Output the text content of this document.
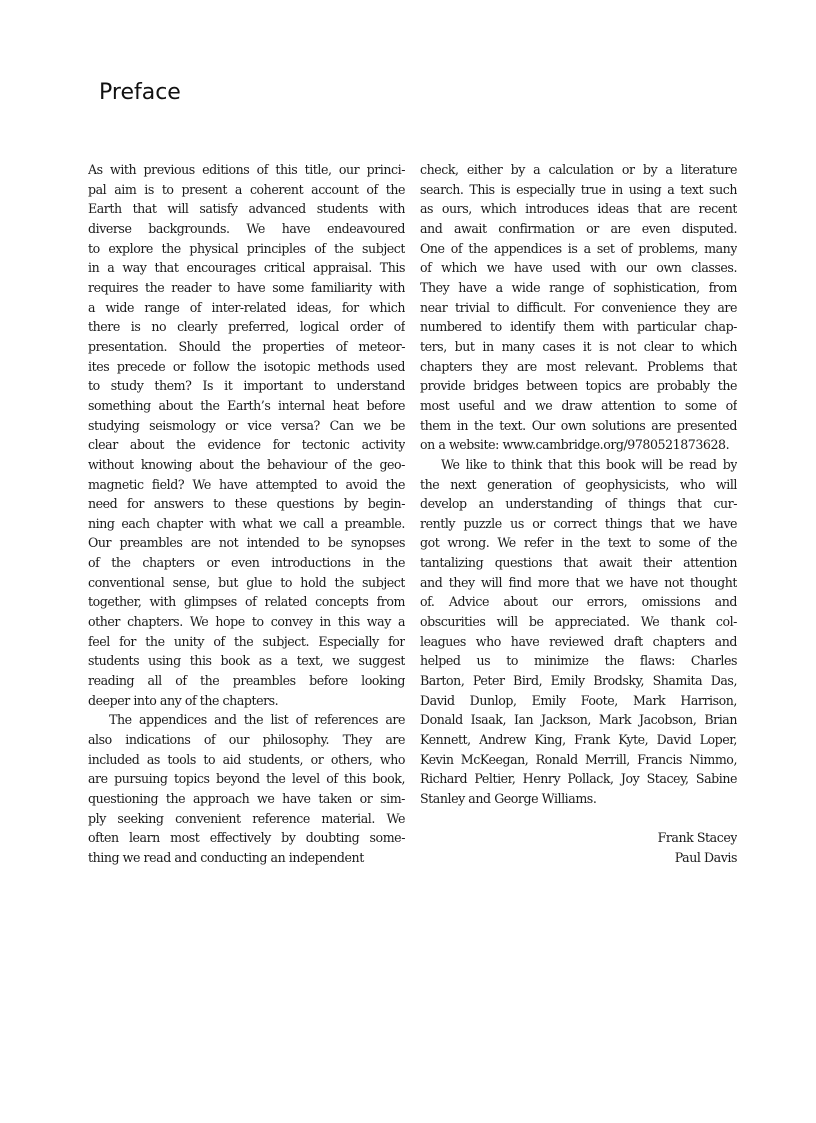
Preface
As with previous editions of this title, our princi-
pal aim is to present a coherent account of the
Earth that will satisfy advanced students with
diverse backgrounds. We have endeavoured
to explore the physical principles of the subject
in a way that encourages critical appraisal. This
requires the reader to have some familiarity with
a wide range of inter-related ideas, for which
there is no clearly preferred, logical order of
presentation. Should the properties of meteor-
ites precede or follow the isotopic methods used
to study them? Is it important to understand
something about the Earth’s internal heat before
studying seismology or vice versa? Can we be
clear about the evidence for tectonic activity
without knowing about the behaviour of the geo-
magnetic field? We have attempted to avoid the
need for answers to these questions by begin-
ning each chapter with what we call a preamble.
Our preambles are not intended to be synopses
of the chapters or even introductions in the
conventional sense, but glue to hold the subject
together, with glimpses of related concepts from
other chapters. We hope to convey in this way a
feel for the unity of the subject. Especially for
students using this book as a text, we suggest
reading all of the preambles before looking
deeper into any of the chapters.
The appendices and the list of references are
also indications of our philosophy. They are
included as tools to aid students, or others, who
are pursuing topics beyond the level of this book,
questioning the approach we have taken or sim-
ply seeking convenient reference material. We
often learn most effectively by doubting some-
thing we read and conducting an independent
check, either by a calculation or by a literature
search. This is especially true in using a text such
as ours, which introduces ideas that are recent
and await confirmation or are even disputed.
One of the appendices is a set of problems, many
of which we have used with our own classes.
They have a wide range of sophistication, from
near trivial to difficult. For convenience they are
numbered to identify them with particular chap-
ters, but in many cases it is not clear to which
chapters they are most relevant. Problems that
provide bridges between topics are probably the
most useful and we draw attention to some of
them in the text. Our own solutions are presented
on a website: www.cambridge.org/9780521873628.
We like to think that this book will be read by
the next generation of geophysicists, who will
develop an understanding of things that cur-
rently puzzle us or correct things that we have
got wrong. We refer in the text to some of the
tantalizing questions that await their attention
and they will find more that we have not thought
of. Advice about our errors, omissions and
obscurities will be appreciated. We thank col-
leagues who have reviewed draft chapters and
helped us to minimize the flaws: Charles
Barton, Peter Bird, Emily Brodsky, Shamita Das,
David Dunlop, Emily Foote, Mark Harrison,
Donald Isaak, Ian Jackson, Mark Jacobson, Brian
Kennett, Andrew King, Frank Kyte, David Loper,
Kevin McKeegan, Ronald Merrill, Francis Nimmo,
Richard Peltier, Henry Pollack, Joy Stacey, Sabine
Stanley and George Williams.
Frank Stacey
Paul Davis
